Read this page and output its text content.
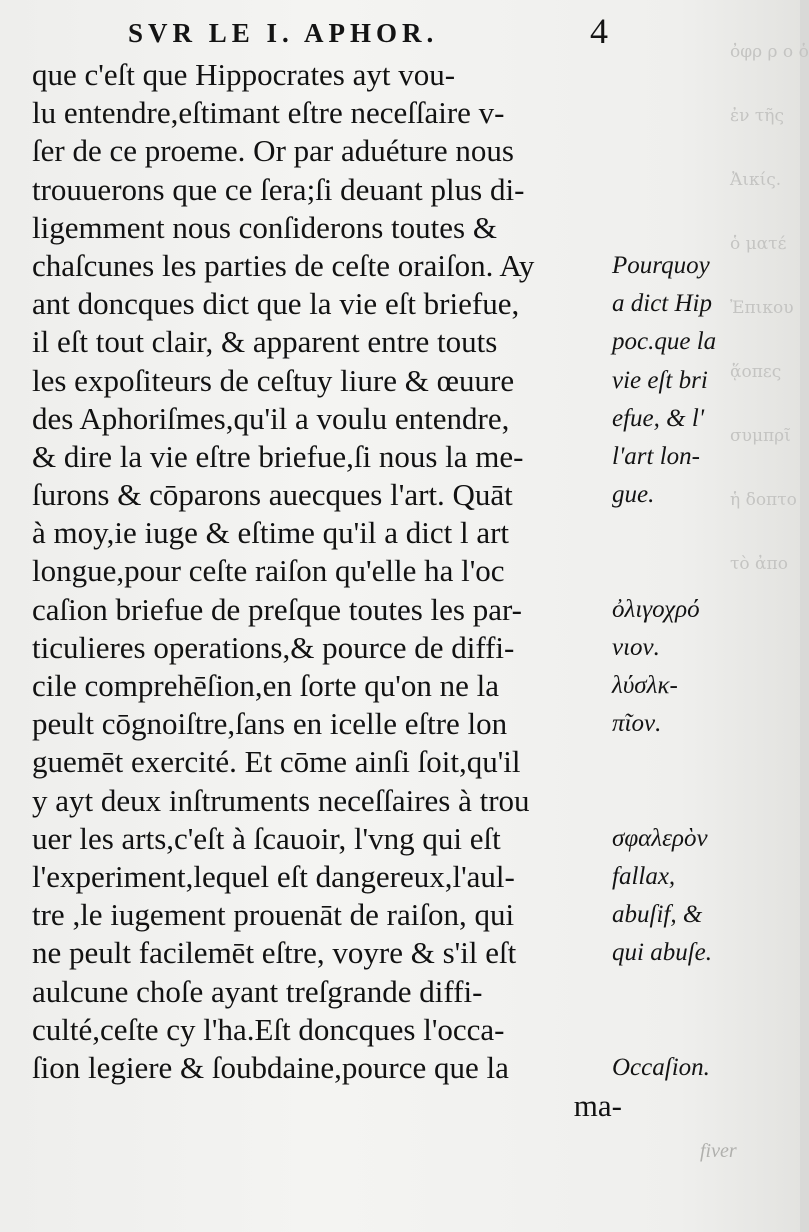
ὀφρ ρ ο ὁ
ἐν τῆς
Ἀικίς.
ὁ ματέ
Ἐπικου
ᾅοπες
συμπρῖ
ἡ δοπτο
τὸ ἀπο
SVR LE I. APHOR.	4
que c'eſt que Hippocrates ayt vou-
lu entendre,eſtimant eſtre neceſſaire v-
ſer de ce proeme. Or par aduéture nous
trouuerons que ce ſera;ſi deuant plus di-
ligemment nous conſiderons toutes &
chaſcunes les parties de ceſte oraiſon. Ay
ant doncques dict que la vie eſt briefue,
il eſt tout clair, & apparent entre touts
les expoſiteurs de ceſtuy liure & œuure
des Aphoriſmes,qu'il a voulu entendre,
& dire la vie eſtre briefue,ſi nous la me-
ſurons & cōparons auecques l'art. Quāt
à moy,ie iuge & eſtime qu'il a dict l art
longue,pour ceſte raiſon qu'elle ha l'oc
caſion briefue de preſque toutes les par-
ticulieres operations,& pource de diffi-
cile comprehēſion,en ſorte qu'on ne la
peult cōgnoiſtre,ſans en icelle eſtre lon
guemēt exercité. Et cōme ainſi ſoit,qu'il
y ayt deux inſtruments neceſſaires à trou
uer les arts,c'eſt à ſcauoir, l'vng qui eſt
l'experiment,lequel eſt dangereux,l'aul-
tre ,le iugement prouenāt de raiſon, qui
ne peult facilemēt eſtre, voyre & s'il eſt
aulcune choſe ayant treſgrande diffi-
culté,ceſte cy l'ha.Eſt doncques l'occa-
ſion legiere & ſoubdaine,pource que la
ma-
Pourquoy
a dict Hip
poc.que la
vie eſt bri
efue, & l'
l'art lon-
gue.
ὀλιγοχρό
νιον.
λύσλκ-
πῖον.
σφαλερὸν
fallax,
abuſif, &
qui abuſe.
Occaſion.
fiver
